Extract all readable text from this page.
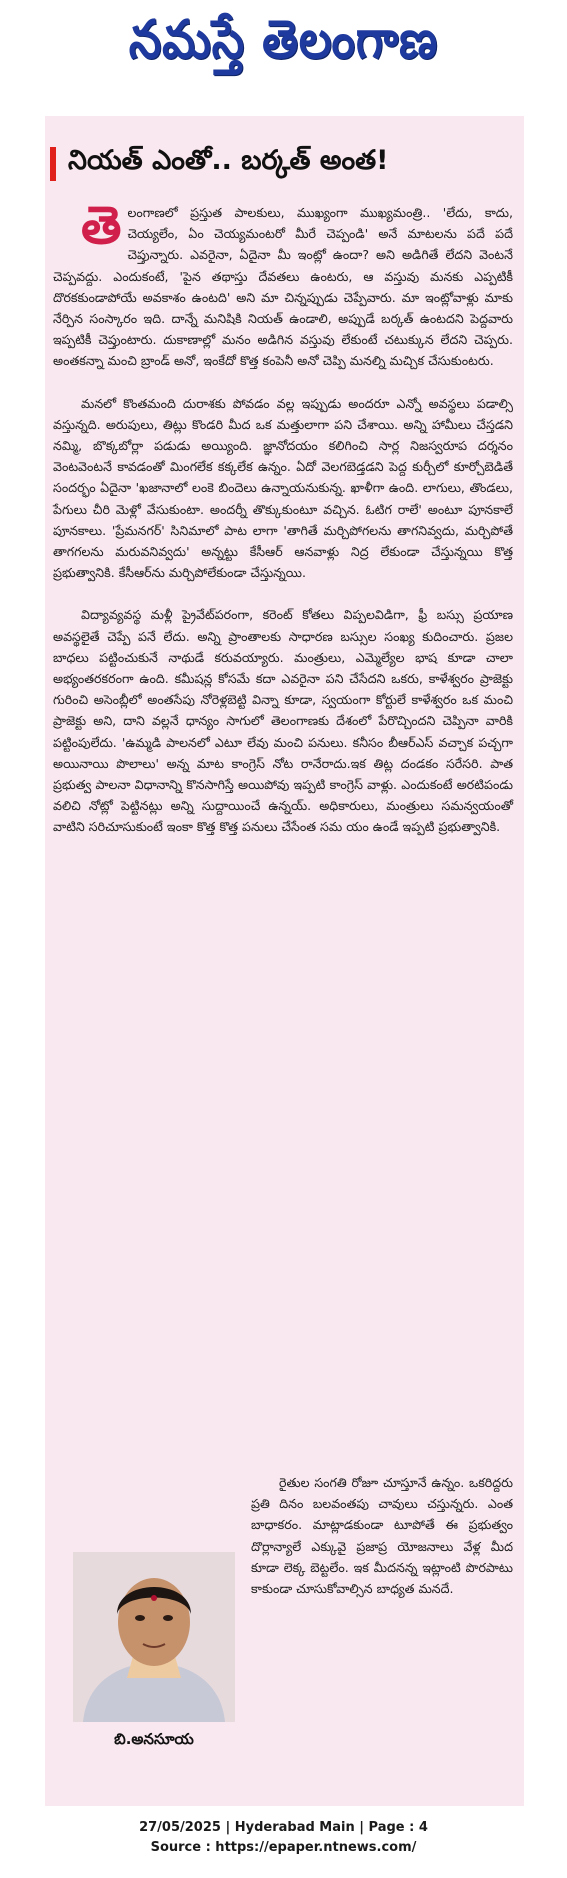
నమస్తే తెలంగాణ
నియత్ ఎంతో.. బర్కత్ అంత!

తెలంగాణలో ప్రస్తుత పాలకులు, ముఖ్యంగా ముఖ్యమంత్రి.. 'లేదు, కాదు, చెయ్యలేం, ఏం చెయ్యమంటరో మీరే చెప్పండి' అనే మాటలను పదే పదే చెప్తున్నారు. ఎవరైనా, ఏదైనా మీ ఇంట్లో ఉందా? అని అడిగితే లేదని వెంటనే చెప్పవద్దు. ఎందుకంటే, 'పైన తథాస్తు దేవతలు ఉంటరు, ఆ వస్తువు మనకు ఎప్పటికీ దొరకకుండాపోయే అవకాశం ఉంటది' అని మా చిన్నప్పుడు చెప్పేవారు. మా ఇంట్లోవాళ్లు మాకు నేర్పిన సంస్కారం ఇది. దాన్నే మనిషికి నియత్ ఉండాలి, అప్పుడే బర్కత్ ఉంటదని పెద్దవారు ఇప్పటికీ చెప్తుంటారు. దుకాణాల్లో మనం అడిగిన వస్తువు లేకుంటే చటుక్కున లేదని చెప్పరు. అంతకన్నా మంచి బ్రాండ్ అనో, ఇంకేదో కొత్త కంపెనీ అనో చెప్పి మనల్ని మచ్చిక చేసుకుంటరు.

మనలో కొంతమంది దురాశకు పోవడం వల్ల ఇప్పుడు అందరూ ఎన్నో అవస్థలు పడాల్సి వస్తున్నది. అరుపులు, తిట్లు కొండరి మీద ఒక మత్తులాగా పని చేశాయి. అన్ని హామీలు చేస్తడని నమ్మి, బొక్కబోర్లా పడుడు అయ్యింది. జ్ఞానోదయం కలిగించి సార్ల నిజస్వరూప దర్శనం వెంటవెంటనే కావడంతో మింగలేక కక్కలేక ఉన్నం. ఏదో వెలగబెడ్తడని పెద్ద కుర్చీలో కూర్చోబెడితే సందర్భం ఏదైనా 'ఖజానాలో లంకె బిందెలు ఉన్నాయనుకున్న. ఖాళీగా ఉంది. లాగులు, తొండలు, పేగులు చీరి మెళ్లో వేసుకుంటా. అందర్నీ తొక్కుకుంటూ వచ్చిన. ఓటిగ రాలే' అంటూ పూనకాలే పూనకాలు. 'ప్రేమనగర్' సినిమాలో పాట లాగా 'తాగితే మర్చిపోగలను తాగనివ్వదు, మర్చిపోతే తాగగలను మరువనివ్వదు' అన్నట్టు కేసీఆర్ ఆనవాళ్లు నిద్ర లేకుండా చేస్తున్నయి కొత్త ప్రభుత్వానికి. కేసీఆర్‌ను మర్చిపోలేకుండా చేస్తున్నయి.

విద్యావ్యవస్థ మళ్లీ ప్రైవేట్‌పరంగా, కరెంట్ కోతలు విప్పలవిడిగా, ఫ్రీ బస్సు ప్రయాణ అవస్థలైతే చెప్పే పనే లేదు. అన్ని ప్రాంతాలకు సాధారణ బస్సుల సంఖ్య కుదించారు. ప్రజల బాధలు పట్టించుకునే నాథుడే కరువయ్యారు. మంత్రులు, ఎమ్మెల్యేల భాష కూడా చాలా అభ్యంతరకరంగా ఉంది. కమీషన్ల కోసమే కదా ఎవరైనా పని చేసేదని ఒకరు, కాళేశ్వరం ప్రాజెక్టు గురించి అసెంబ్లీలో అంతసేపు నోరెళ్లబెట్టి విన్నా కూడా, స్వయంగా కోర్టులే కాళేశ్వరం ఒక మంచి ప్రాజెక్టు అని, దాని వల్లనే ధాన్యం సాగులో తెలంగాణకు దేశంలో పేరొచ్చిందని చెప్పినా వారికి పట్టింపులేదు. 'ఉమ్మడి పాలనలో ఎటూ లేవు మంచి పనులు. కనీసం బీఆర్‌ఎస్ వచ్చాక పచ్చగా అయినాయి పొలాలు' అన్న మాట కాంగ్రెస్ నోట రానేరాదు.ఇక తిట్ల దండకం సరేసరి. పాత ప్రభుత్వ పాలనా విధానాన్ని కొనసాగిస్తే అయిపోవు ఇప్పటి కాంగ్రెస్ వాళ్లు. ఎందుకంటే అరటిపండు వలిచి నోట్లో పెట్టినట్లు అన్ని సుద్దాయించే ఉన్నయ్. అధికారులు, మంత్రులు సమన్వయంతో వాటిని సరిచూసుకుంటే ఇంకా కొత్త కొత్త పనులు చేసేంత సమ యం ఉండే ఇప్పటి ప్రభుత్వానికి.

బి.అనసూయ

రైతుల సంగతి రోజూ చూస్తూనే ఉన్నం. ఒకరిద్దరు ప్రతి దినం బలవంతపు చావులు చస్తున్నరు. ఎంత బాధాకరం. మాట్లాడకుండా టూపోతే ఈ ప్రభుత్వం దొర్లాన్యాలే ఎక్కువై ప్రజాప్ర యోజనాలు వేళ్ల మీద కూడా లెక్క బెట్టలేం. ఇక మీదనన్న ఇట్లాంటి పొరపాటు కాకుండా చూసుకోవాల్సిన బాధ్యత మనదే.

27/05/2025 | Hyderabad Main | Page : 4
Source : https://epaper.ntnews.com/
